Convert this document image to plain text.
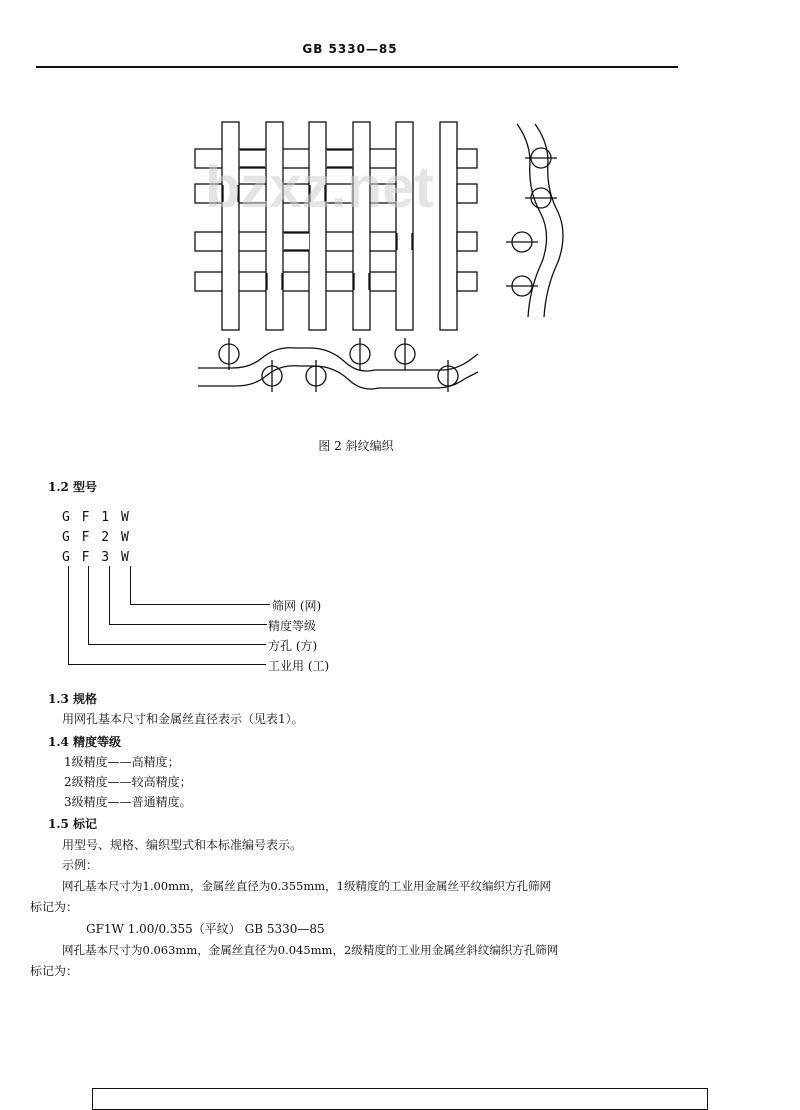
GB 5330—85
bzxz.net
图 2 斜纹编织
1.2 型号
G F 1 W
G F 2 W
G F 3 W
筛网 (网)
精度等级
方孔 (方)
工业用 (工)
1.3 规格
用网孔基本尺寸和金属丝直径表示（见表1）。
1.4 精度等级
1级精度——高精度；
2级精度——较高精度；
3级精度——普通精度。
1.5 标记
用型号、规格、编织型式和本标准编号表示。
示例：
网孔基本尺寸为1.00mm，金属丝直径为0.355mm，1级精度的工业用金属丝平纹编织方孔筛网
标记为：
GF1W 1.00/0.355（平纹） GB 5330—85
网孔基本尺寸为0.063mm，金属丝直径为0.045mm，2级精度的工业用金属丝斜纹编织方孔筛网
标记为：
